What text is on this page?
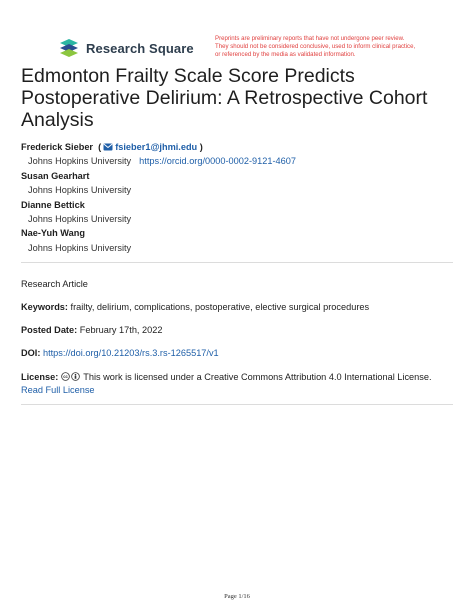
Research Square
Preprints are preliminary reports that have not undergone peer review.
They should not be considered conclusive, used to inform clinical practice,
or referenced by the media as validated information.
Edmonton Frailty Scale Score Predicts
Postoperative Delirium: A Retrospective Cohort
Analysis
Frederick Sieber  ( fsieber1@jhmi.edu )
Johns Hopkins University https://orcid.org/0000-0002-9121-4607
Susan Gearhart
Johns Hopkins University
Dianne Bettick
Johns Hopkins University
Nae-Yuh Wang
Johns Hopkins University
Research Article
Keywords: frailty, delirium, complications, postoperative, elective surgical procedures
Posted Date: February 17th, 2022
DOI: https://doi.org/10.21203/rs.3.rs-1265517/v1
License: cc This work is licensed under a Creative Commons Attribution 4.0 International License.
Read Full License
Page 1/16
